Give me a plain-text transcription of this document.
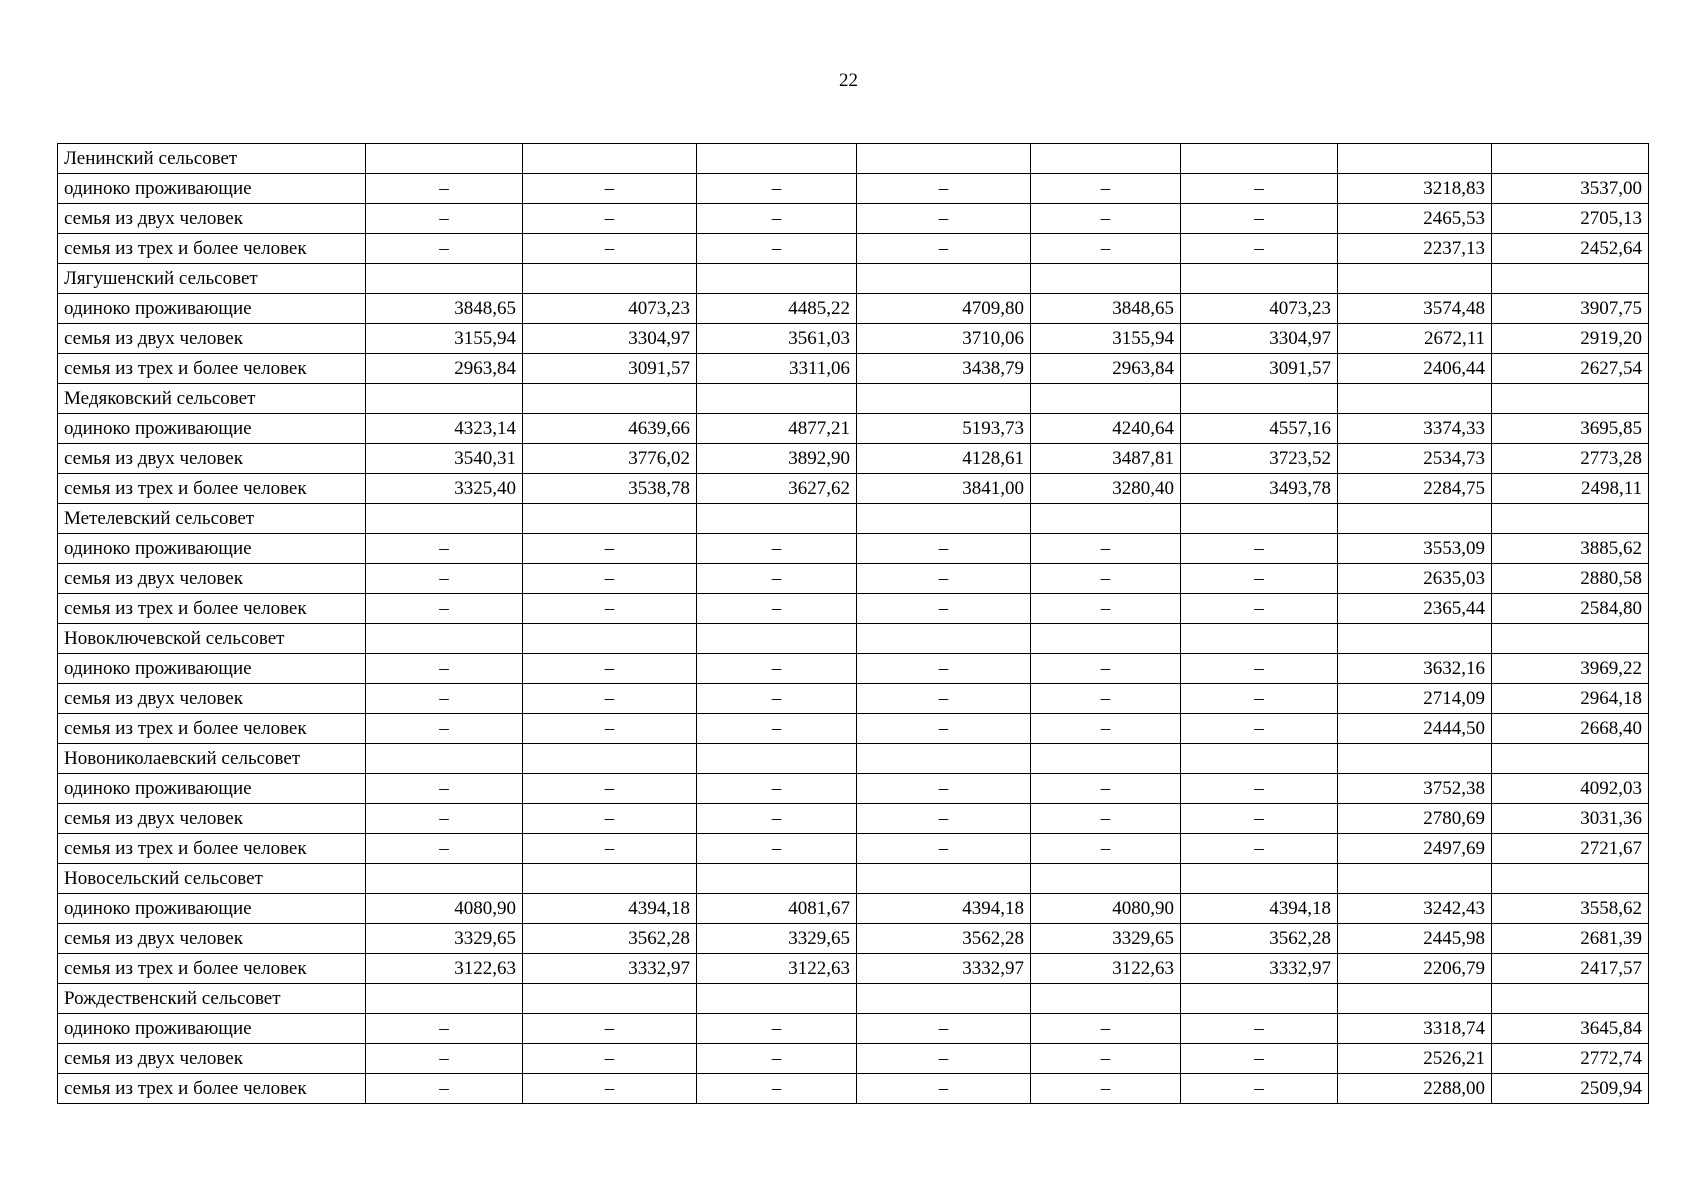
22
Ленинский сельсовет								
одиноко проживающие	–	–	–	–	–	–	3218,83	3537,00
семья из двух человек	–	–	–	–	–	–	2465,53	2705,13
семья из трех и более человек	–	–	–	–	–	–	2237,13	2452,64
Лягушенский сельсовет								
одиноко проживающие	3848,65	4073,23	4485,22	4709,80	3848,65	4073,23	3574,48	3907,75
семья из двух человек	3155,94	3304,97	3561,03	3710,06	3155,94	3304,97	2672,11	2919,20
семья из трех и более человек	2963,84	3091,57	3311,06	3438,79	2963,84	3091,57	2406,44	2627,54
Медяковский сельсовет								
одиноко проживающие	4323,14	4639,66	4877,21	5193,73	4240,64	4557,16	3374,33	3695,85
семья из двух человек	3540,31	3776,02	3892,90	4128,61	3487,81	3723,52	2534,73	2773,28
семья из трех и более человек	3325,40	3538,78	3627,62	3841,00	3280,40	3493,78	2284,75	2498,11
Метелевский сельсовет								
одиноко проживающие	–	–	–	–	–	–	3553,09	3885,62
семья из двух человек	–	–	–	–	–	–	2635,03	2880,58
семья из трех и более человек	–	–	–	–	–	–	2365,44	2584,80
Новоключевской сельсовет								
одиноко проживающие	–	–	–	–	–	–	3632,16	3969,22
семья из двух человек	–	–	–	–	–	–	2714,09	2964,18
семья из трех и более человек	–	–	–	–	–	–	2444,50	2668,40
Новониколаевский сельсовет								
одиноко проживающие	–	–	–	–	–	–	3752,38	4092,03
семья из двух человек	–	–	–	–	–	–	2780,69	3031,36
семья из трех и более человек	–	–	–	–	–	–	2497,69	2721,67
Новосельский сельсовет								
одиноко проживающие	4080,90	4394,18	4081,67	4394,18	4080,90	4394,18	3242,43	3558,62
семья из двух человек	3329,65	3562,28	3329,65	3562,28	3329,65	3562,28	2445,98	2681,39
семья из трех и более человек	3122,63	3332,97	3122,63	3332,97	3122,63	3332,97	2206,79	2417,57
Рождественский сельсовет								
одиноко проживающие	–	–	–	–	–	–	3318,74	3645,84
семья из двух человек	–	–	–	–	–	–	2526,21	2772,74
семья из трех и более человек	–	–	–	–	–	–	2288,00	2509,94
